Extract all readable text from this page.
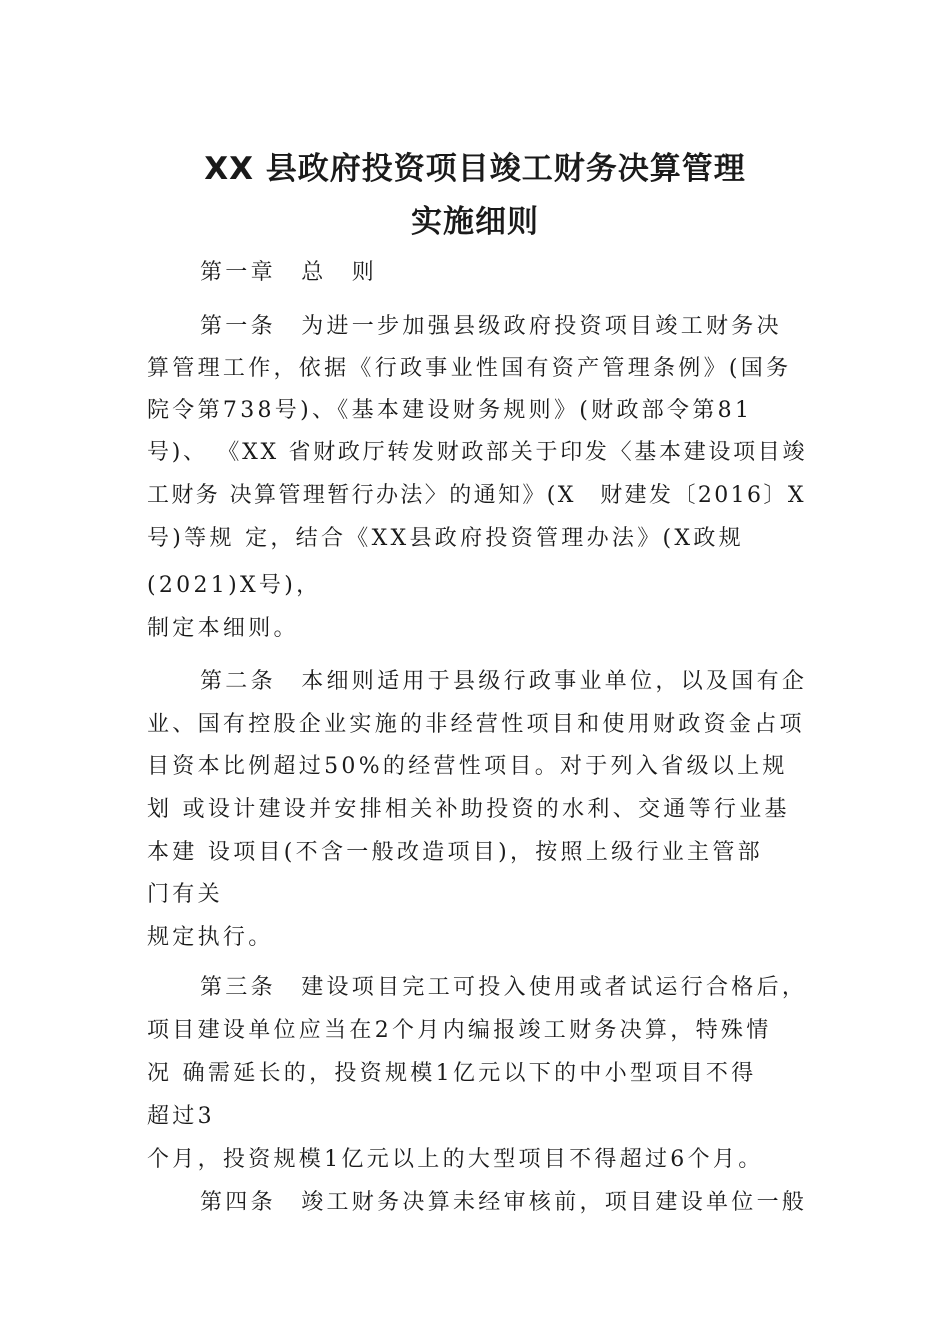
XX 县政府投资项目竣工财务决算管理
实施细则
第一章　总　则
第一条　为进一步加强县级政府投资项目竣工财务决
算管理工作，依据《行政事业性国有资产管理条例》(国务
院令第738号)、《基本建设财务规则》(财政部令第81
号)、 《XX 省财政厅转发财政部关于印发〈基本建设项目竣
工财务 决算管理暂行办法〉的通知》(X　财建发〔2016〕X
号)等规 定，结合《XX县政府投资管理办法》(X政规
(2021)X号)，
制定本细则。
第二条　本细则适用于县级行政事业单位，以及国有企
业、国有控股企业实施的非经营性项目和使用财政资金占项
目资本比例超过50%的经营性项目。对于列入省级以上规
划 或设计建设并安排相关补助投资的水利、交通等行业基
本建 设项目(不含一般改造项目)，按照上级行业主管部
门有关
规定执行。
第三条　建设项目完工可投入使用或者试运行合格后，
项目建设单位应当在2个月内编报竣工财务决算，特殊情
况 确需延长的，投资规模1亿元以下的中小型项目不得
超过3
个月，投资规模1亿元以上的大型项目不得超过6个月。
第四条　竣工财务决算未经审核前，项目建设单位一般
